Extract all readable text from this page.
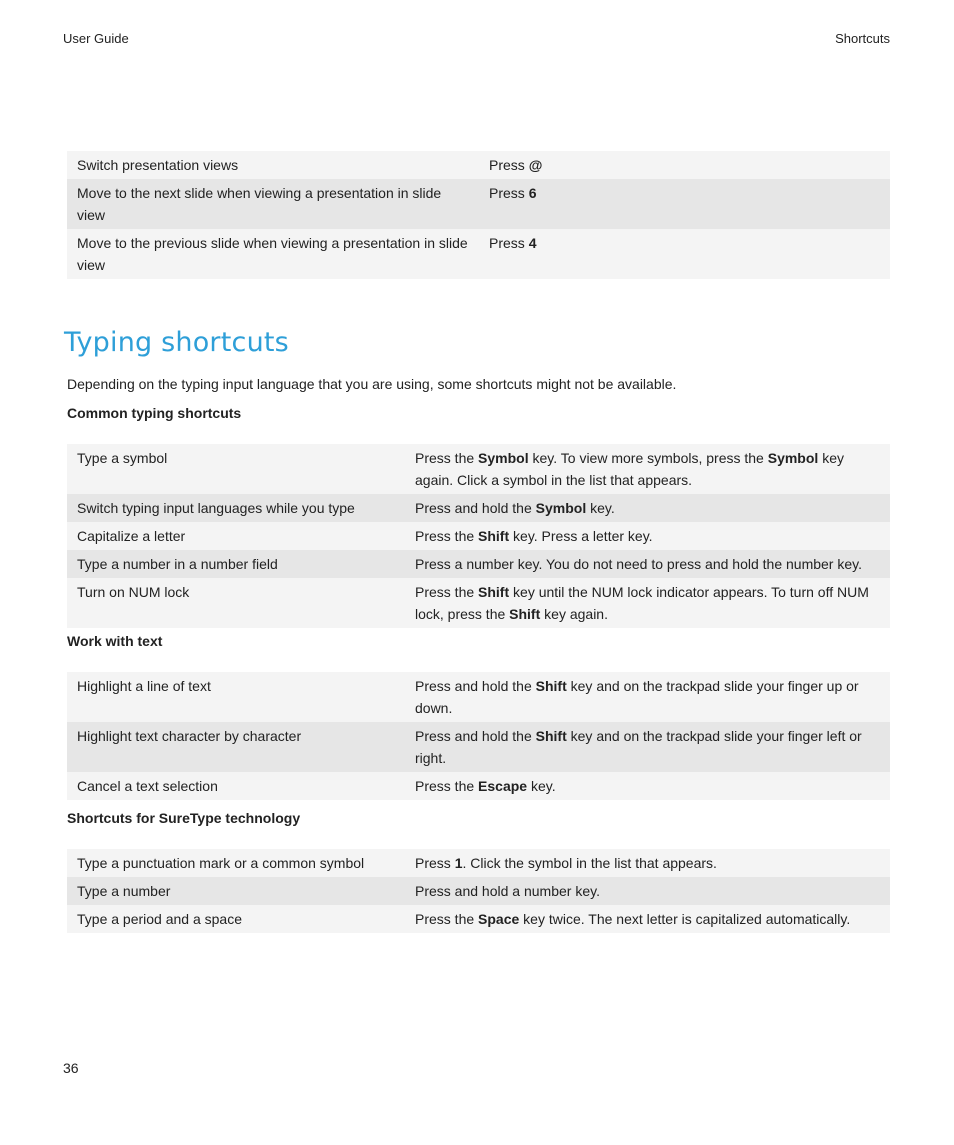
User Guide	Shortcuts
Switch presentation views	Press @
Move to the next slide when viewing a presentation in slide view	Press 6
Move to the previous slide when viewing a presentation in slide view	Press 4
Typing shortcuts
Depending on the typing input language that you are using, some shortcuts might not be available.
Common typing shortcuts
Type a symbol	Press the Symbol key. To view more symbols, press the Symbol key again. Click a symbol in the list that appears.
Switch typing input languages while you type	Press and hold the Symbol key.
Capitalize a letter	Press the Shift key. Press a letter key.
Type a number in a number field	Press a number key. You do not need to press and hold the number key.
Turn on NUM lock	Press the Shift key until the NUM lock indicator appears. To turn off NUM lock, press the Shift key again.
Work with text
Highlight a line of text	Press and hold the Shift key and on the trackpad slide your finger up or down.
Highlight text character by character	Press and hold the Shift key and on the trackpad slide your finger left or right.
Cancel a text selection	Press the Escape key.
Shortcuts for SureType technology
Type a punctuation mark or a common symbol	Press 1. Click the symbol in the list that appears.
Type a number	Press and hold a number key.
Type a period and a space	Press the Space key twice. The next letter is capitalized automatically.
36
